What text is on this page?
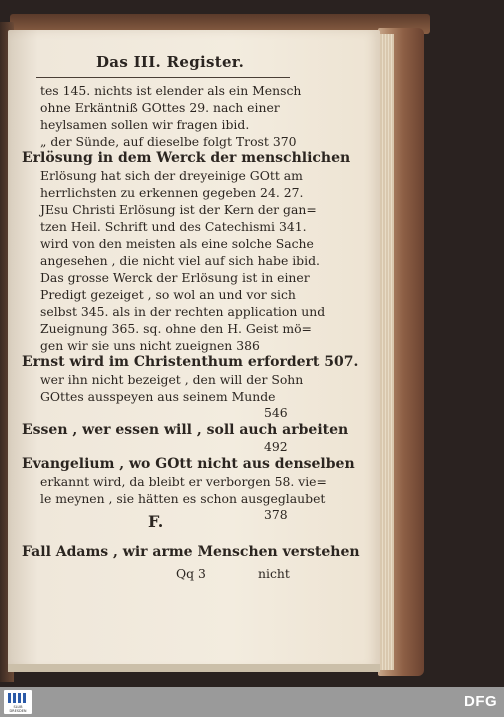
Das III. Register.
tes 145. nichts ist elender als ein Mensch
ohne Erkäntniß GOttes 29. nach einer
heylsamen sollen wir fragen ibid.
„ der Sünde, auf dieselbe folgt Trost 370
Erlösung in dem Werck der menschlichen
Erlösung hat sich der dreyeinige GOtt am
herrlichsten zu erkennen gegeben 24. 27.
JEsu Christi Erlösung ist der Kern der gan=
tzen Heil. Schrift und des Catechismi 341.
wird von den meisten als eine solche Sache
angesehen , die nicht viel auf sich habe ibid.
Das grosse Werck der Erlösung ist in einer
Predigt gezeiget , so wol an und vor sich
selbst 345. als in der rechten application und
Zueignung 365. sq. ohne den H. Geist mö=
gen wir sie uns nicht zueignen 386
Ernst wird im Christenthum erfordert 507.
wer ihn nicht bezeiget , den will der Sohn
GOttes ausspeyen aus seinem Munde
546
Essen , wer essen will , soll auch arbeiten
492
Evangelium , wo GOtt nicht aus denselben
erkannt wird, da bleibt er verborgen 58. vie=
le meynen , sie hätten es schon ausgeglaubet
378
F.
Fall Adams , wir arme Menschen verstehen
Qq 3	nicht
SLUB DRESDEN
DFG
